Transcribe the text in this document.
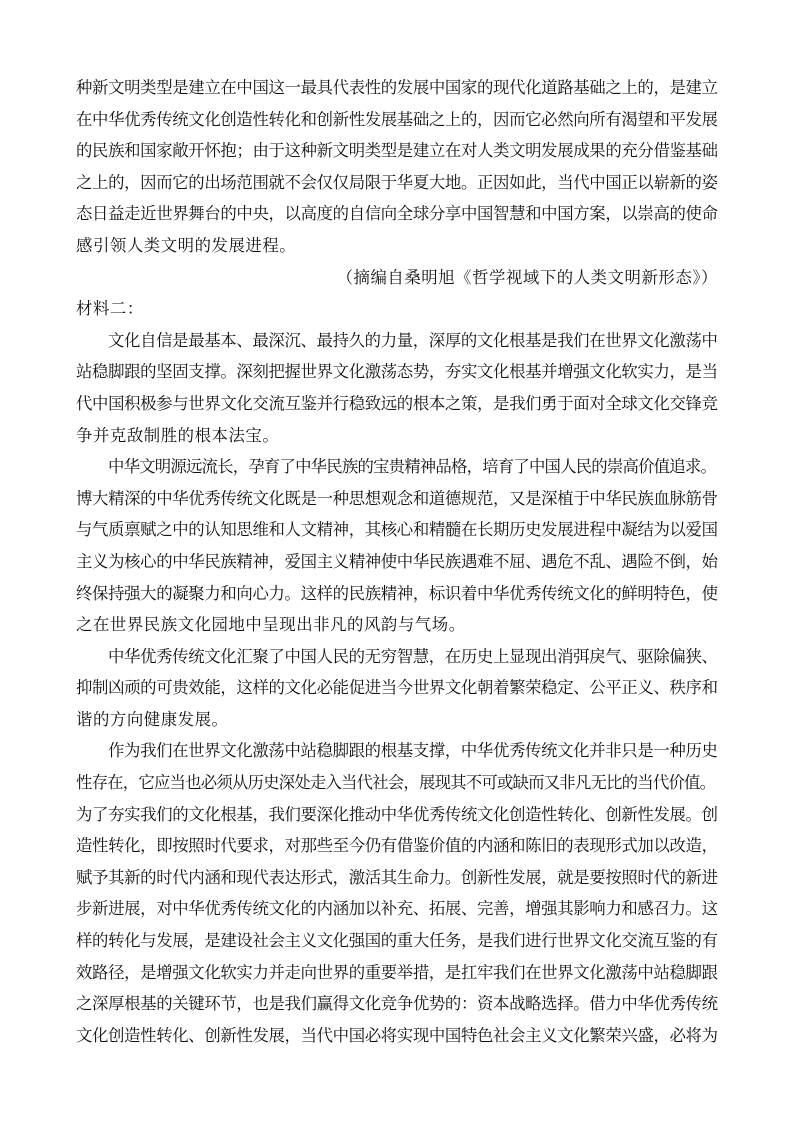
种新文明类型是建立在中国这一最具代表性的发展中国家的现代化道路基础之上的，是建立
在中华优秀传统文化创造性转化和创新性发展基础之上的，因而它必然向所有渴望和平发展
的民族和国家敞开怀抱；由于这种新文明类型是建立在对人类文明发展成果的充分借鉴基础
之上的，因而它的出场范围就不会仅仅局限于华夏大地。正因如此，当代中国正以崭新的姿
态日益走近世界舞台的中央，以高度的自信向全球分享中国智慧和中国方案，以崇高的使命
感引领人类文明的发展进程。
（摘编自桑明旭《哲学视域下的人类文明新形态》）
材料二：
文化自信是最基本、最深沉、最持久的力量，深厚的文化根基是我们在世界文化激荡中
站稳脚跟的坚固支撑。深刻把握世界文化激荡态势，夯实文化根基并增强文化软实力，是当
代中国积极参与世界文化交流互鉴并行稳致远的根本之策，是我们勇于面对全球文化交锋竞
争并克敌制胜的根本法宝。
中华文明源远流长，孕育了中华民族的宝贵精神品格，培育了中国人民的崇高价值追求。
博大精深的中华优秀传统文化既是一种思想观念和道德规范，又是深植于中华民族血脉筋骨
与气质禀赋之中的认知思维和人文精神，其核心和精髓在长期历史发展进程中凝结为以爱国
主义为核心的中华民族精神，爱国主义精神使中华民族遇难不屈、遇危不乱、遇险不倒，始
终保持强大的凝聚力和向心力。这样的民族精神，标识着中华优秀传统文化的鲜明特色，使
之在世界民族文化园地中呈现出非凡的风韵与气场。
中华优秀传统文化汇聚了中国人民的无穷智慧，在历史上显现出消弭戾气、驱除偏狭、
抑制凶顽的可贵效能，这样的文化必能促进当今世界文化朝着繁荣稳定、公平正义、秩序和
谐的方向健康发展。
作为我们在世界文化激荡中站稳脚跟的根基支撑，中华优秀传统文化并非只是一种历史
性存在，它应当也必须从历史深处走入当代社会，展现其不可或缺而又非凡无比的当代价值。
为了夯实我们的文化根基，我们要深化推动中华优秀传统文化创造性转化、创新性发展。创
造性转化，即按照时代要求，对那些至今仍有借鉴价值的内涵和陈旧的表现形式加以改造，
赋予其新的时代内涵和现代表达形式，激活其生命力。创新性发展，就是要按照时代的新进
步新进展，对中华优秀传统文化的内涵加以补充、拓展、完善，增强其影响力和感召力。这
样的转化与发展，是建设社会主义文化强国的重大任务，是我们进行世界文化交流互鉴的有
效路径，是增强文化软实力并走向世界的重要举措，是扛牢我们在世界文化激荡中站稳脚跟
之深厚根基的关键环节，也是我们赢得文化竞争优势的：资本战略选择。借力中华优秀传统
文化创造性转化、创新性发展，当代中国必将实现中国特色社会主义文化繁荣兴盛，必将为
